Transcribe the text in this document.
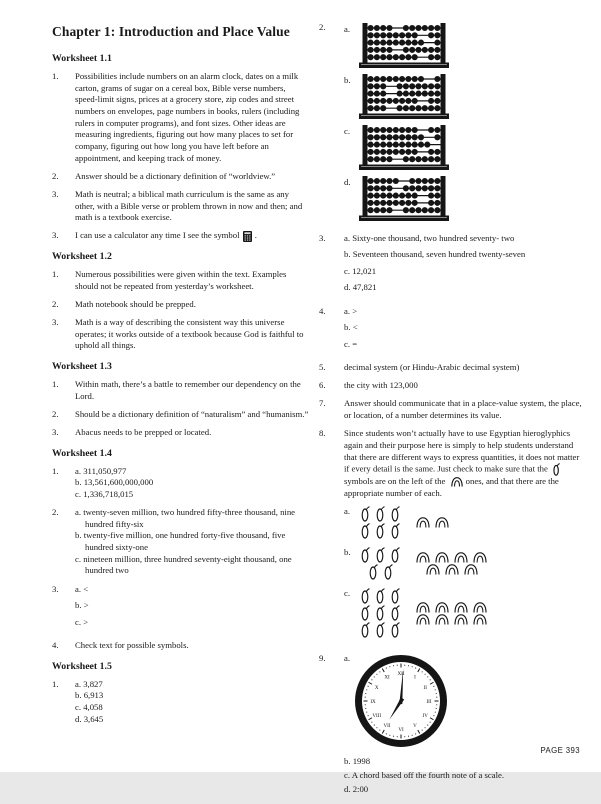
Chapter 1: Introduction and Place Value
Worksheet 1.1
1.	Possibilities include numbers on an alarm clock, dates on a milk carton, grams of sugar on a cereal box, Bible verse numbers, speed-limit signs, prices at a grocery store, zip codes and street numbers on envelopes, page numbers in books, rulers (including rulers in computer programs), and font sizes. Other ideas are measuring ingredients, figuring out how many places to set for company, figuring out how long you have left before an appointment, and keeping track of money.
2.	Answer should be a dictionary definition of “worldview.”
3.	Math is neutral; a biblical math curriculum is the same as any other, with a Bible verse or problem thrown in now and then; and math is a textbook exercise.
3.	I can use a calculator any time I see the symbol .
Worksheet 1.2
1.	Numerous possibilities were given within the text. Examples should not be repeated from yesterday’s worksheet.
2.	Math notebook should be prepped.
3.	Math is a way of describing the consistent way this universe operates; it works outside of a textbook because God is faithful to uphold all things.
Worksheet 1.3
1.	Within math, there’s a battle to remember our dependency on the Lord.
2.	Should be a dictionary definition of “naturalism” and “humanism.”
3.	Abacus needs to be prepped or located.
Worksheet 1.4
1.	a. 311,050,977
b. 13,561,600,000,000
c. 1,336,718,015
2.	a. twenty-seven million, two hundred fifty-three thousand, nine hundred fifty-six
b. twenty-five million, one hundred forty-five thousand, five hundred sixty-one
c. nineteen million, three hundred seventy-eight thousand, one hundred two
3.	a. <
b. >
c. >
4.	Check text for possible symbols.
Worksheet 1.5
1.	a. 3,827
b. 6,913
c. 4,058
d. 3,645
2.	a.
b.
c.
d.
3.	a. Sixty-one thousand, two hundred seventy- two
b. Seventeen thousand, seven hundred twenty-seven
c. 12,021
d. 47,821
4.	a. >
b. <
c. =
5.	decimal system (or Hindu-Arabic decimal system)
6.	the city with 123,000
7.	Answer should communicate that in a place-value system, the place, or location, of a number determines its value.
8.	Since students won’t actually have to use Egyptian hieroglyphics again and their purpose here is simply to help students understand that there are different ways to express quantities, it does not matter if every detail is the same. Just check to make sure that the  symbols are on the left of the  ones, and that there are the appropriate number of each.
a.
b.
c.
9.	a.
XII
I
II
III
IV
V
VI
VII
VIII
IX
X
XI
b. 1998
c. A chord based off the fourth note of a scale.
d. 2:00
PAGE 393
